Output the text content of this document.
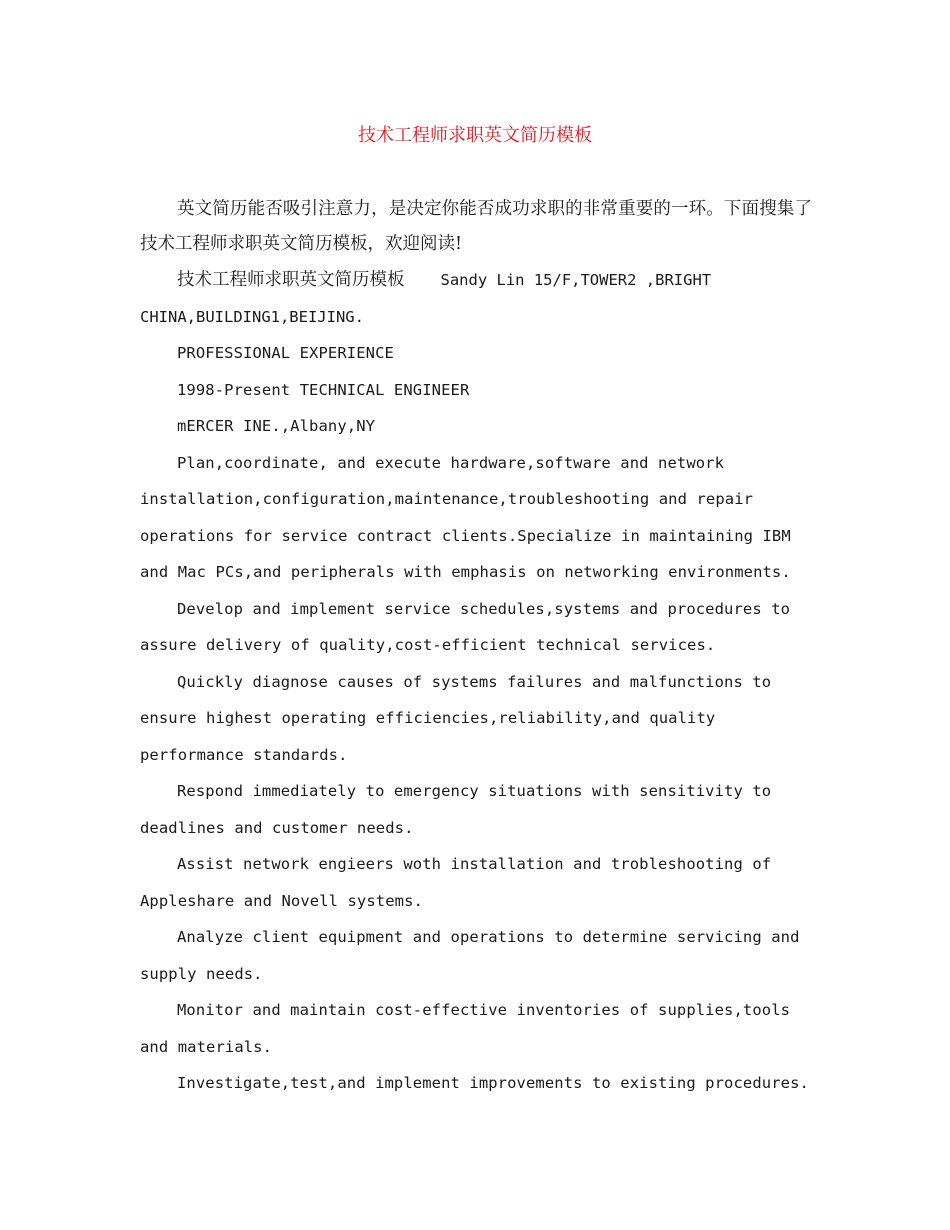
技术工程师求职英文简历模板

英文简历能否吸引注意力，是决定你能否成功求职的非常重要的一环。下面搜集了技术工程师求职英文简历模板，欢迎阅读!

技术工程师求职英文简历模板 Sandy Lin 15/F,TOWER2 ,BRIGHT CHINA,BUILDING1,BEIJING.

PROFESSIONAL EXPERIENCE

1998-Present TECHNICAL ENGINEER

mERCER INE.,Albany,NY

Plan,coordinate, and execute hardware,software and network installation,configuration,maintenance,troubleshooting and repair operations for service contract clients.Specialize in maintaining IBM and Mac PCs,and peripherals with emphasis on networking environments.

Develop and implement service schedules,systems and procedures to assure delivery of quality,cost-efficient technical services.

Quickly diagnose causes of systems failures and malfunctions to ensure highest operating efficiencies,reliability,and quality performance standards.

Respond immediately to emergency situations with sensitivity to deadlines and customer needs.

Assist network engieers woth installation and trobleshooting of Appleshare and Novell systems.

Analyze client equipment and operations to determine servicing and supply needs.

Monitor and maintain cost-effective inventories of supplies,tools and materials.

Investigate,test,and implement improvements to existing procedures.
